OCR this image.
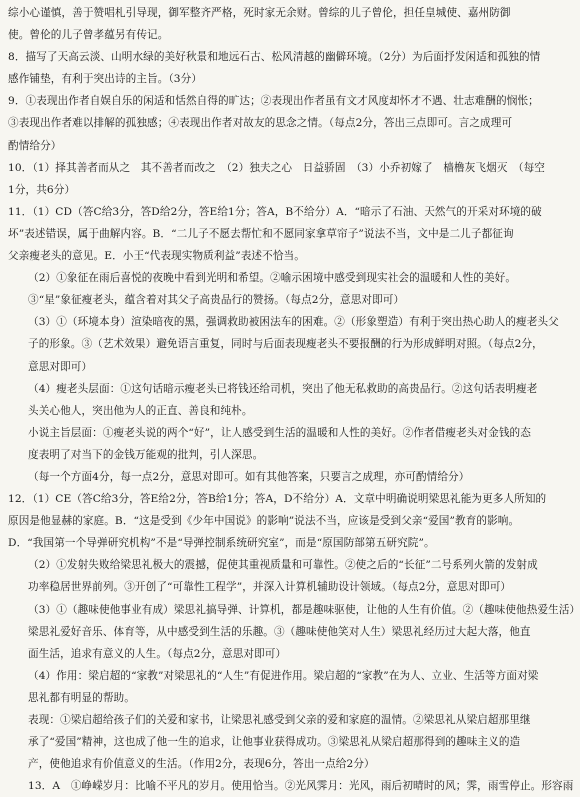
综小心谨慎，善于赞唱札引导现，御军整齐严格，死时家无余财。曾综的儿子曾伦，担任皇城使、嘉州防御
使。曾伦的儿子曾孝蕴另有传记。
8．描写了天高云淡、山明水绿的美好秋景和地远石古、松风清越的幽僻环境。（2分）为后面抒发闲适和孤独的情
感作铺垫，有利于突出诗的主旨。（3分）
9．①表现出作者自娱自乐的闲适和恬然自得的旷达；②表现出作者虽有文才风度却怀才不遇、壮志难酬的悯怅；
③表现出作者难以排解的孤独感；④表现出作者对故友的思念之情。（每点2分，答出三点即可。言之成理可
酌情给分）
10．（1）择其善者而从之　其不善者而改之　（2）独夫之心　日益骄固　（3）小乔初嫁了　樯橹灰飞烟灭　（每空
1分，共6分）
11．（1）CD（答C给3分，答D给2分，答E给1分；答A，B不给分）A．“暗示了石油、天然气的开采对环境的破
坏”表述错误，属于曲解内容。B．“二儿子不愿去帮忙和不愿同家拿草帘子”说法不当，文中是二儿子都征询
父亲瘦老头的意见。E．小王“代表现实物质利益”表述不恰当。
（2）①象征在雨后喜悦的夜晚中看到光明和希望。②喻示困境中感受到现实社会的温暖和人性的美好。
③“星”象征瘦老头，蕴含着对其父子高贵品行的赞扬。（每点2分，意思对即可）
（3）①（环境本身）渲染暗夜的黑，强调救助被困法车的困难。②（形象塑造）有利于突出热心助人的瘦老头父
子的形象。③（艺术效果）避免语言重复，同时与后面表现瘦老头不要报酬的行为形成鲜明对照。（每点2分，
意思对即可）
（4）瘦老头层面：①这句话暗示瘦老头已将钱还给司机，突出了他无私救助的高贵品行。②这句话表明瘦老
头关心他人，突出他为人的正直、善良和纯朴。
小说主旨层面：①瘦老头说的两个“好”，让人感受到生活的温暖和人性的美好。②作者借瘦老头对金钱的态
度表明了对当下的金钱万能观的批判，引人深思。
（每一个方面4分，每一点2分，意思对即可。如有其他答案，只要言之成理，亦可酌情给分）
12．（1）CE（答C给3分，答E给2分，答B给1分；答A，D不给分）A．文章中明确说明梁思礼能为更多人所知的
原因是他显赫的家庭。B．“这是受到《少年中国说》的影响”说法不当，应该是受到父亲“爱国”教育的影响。
D．“我国第一个导弹研究机构”不是“导弹控制系统研究室”，而是“原国防部第五研究院”。
（2）①发射失败给梁思礼极大的震撼，促使其重视质量和可靠性。②使之后的“长征”二号系列火箭的发射成
功率稳居世界前列。③开创了“可靠性工程学”，并深入计算机辅助设计领域。（每点2分，意思对即可）
（3）①（趣味使他事业有成）梁思礼搞导弹、计算机，都是趣味驱使，让他的人生有价值。②（趣味使他热爱生活）
梁思礼爱好音乐、体育等，从中感受到生活的乐趣。③（趣味使他笑对人生）梁思礼经历过大起大落，他直
面生活，追求有意义的人生。（每点2分，意思对即可）
（4）作用：梁启超的“家教”对梁思礼的“人生”有促进作用。梁启超的“家教”在为人、立业、生活等方面对梁
思礼都有明显的帮助。
表现：①梁启超给孩子们的关爱和家书，让梁思礼感受到父亲的爱和家庭的温情。②梁思礼从梁启超那里继
承了“爱国”精神，这也成了他一生的追求，让他事业获得成功。③梁思礼从梁启超那得到的趣味主义的造
产，使他追求有价值意义的生活。（作用2分，表现6分，答出一点给2分）
13．A　①峥嵘岁月：比喻不平凡的岁月。使用恰当。②光风霁月：光风，雨后初晴时的风；霁，雨雪停止。形容雨
